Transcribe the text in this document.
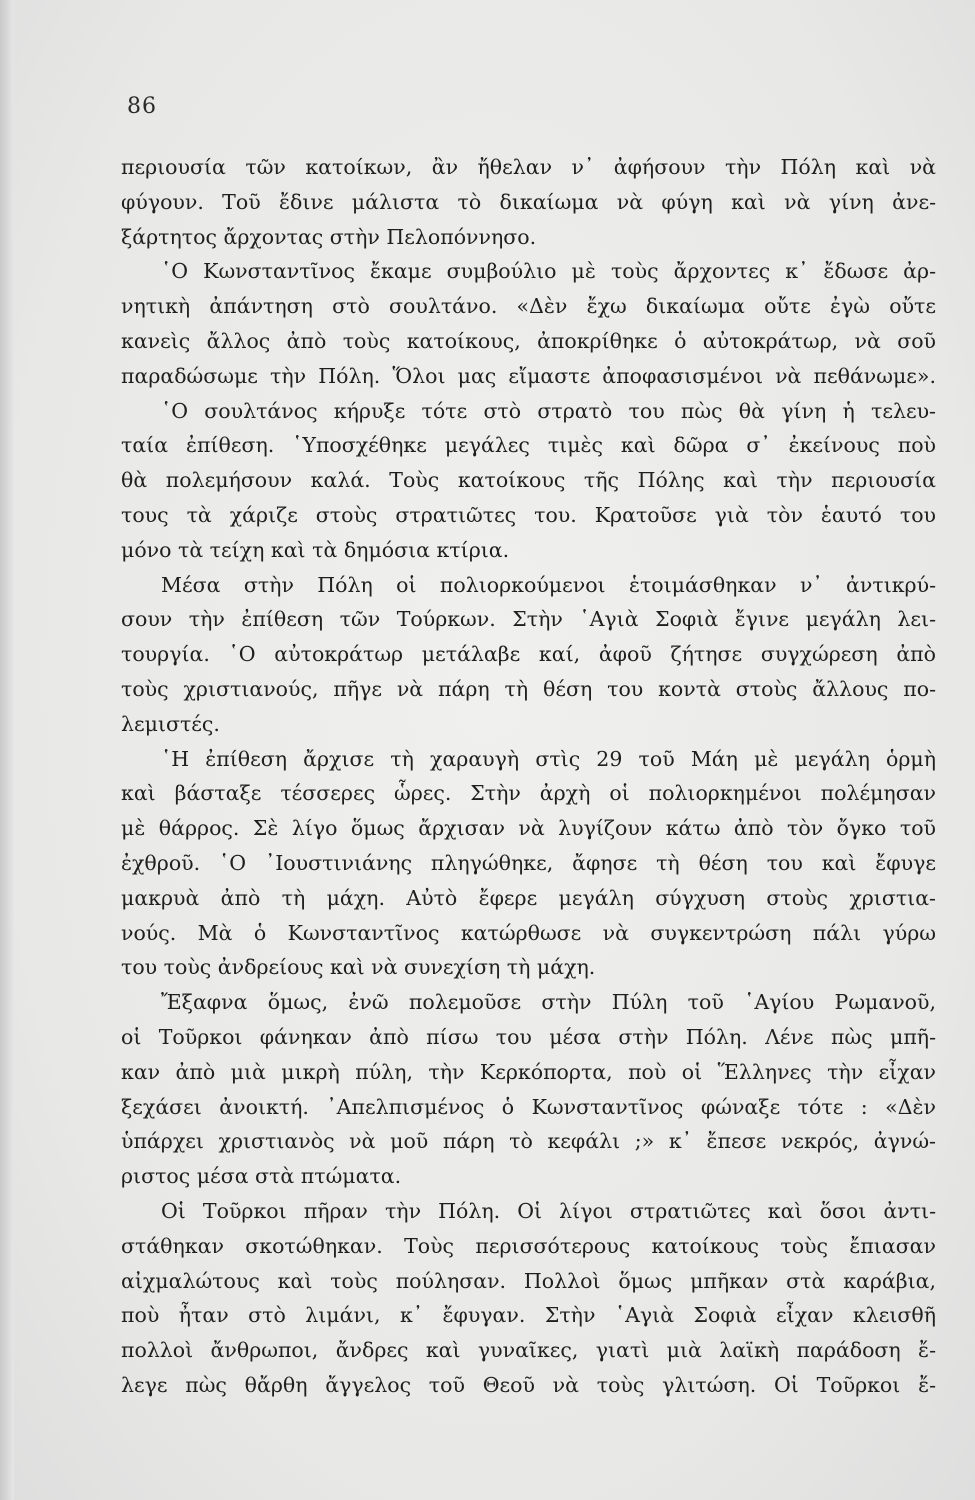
86
περιουσία τῶν κατοίκων, ἂν ἤθελαν ν᾿ ἀφήσουν τὴν Πόλη καὶ νὰ
φύγουν. Τοῦ ἔδινε μάλιστα τὸ δικαίωμα νὰ φύγη καὶ νὰ γίνη ἀνε-
ξάρτητος ἄρχοντας στὴν Πελοπόννησο.
῾Ο Κωνσταντῖνος ἔκαμε συμβούλιο μὲ τοὺς ἄρχοντες κ᾿ ἔδωσε ἀρ-
νητικὴ ἀπάντηση στὸ σουλτάνο. «Δὲν ἔχω δικαίωμα οὔτε ἐγὼ οὔτε
κανεὶς ἄλλος ἀπὸ τοὺς κατοίκους, ἀποκρίθηκε ὁ αὐτοκράτωρ, νὰ σοῦ
παραδώσωμε τὴν Πόλη. Ὅλοι μας εἴμαστε ἀποφασισμένοι νὰ πεθάνωμε».
῾Ο σουλτάνος κήρυξε τότε στὸ στρατὸ του πὼς θὰ γίνη ἡ τελευ-
ταία ἐπίθεση. ῾Υποσχέθηκε μεγάλες τιμὲς καὶ δῶρα σ᾿ ἐκείνους ποὺ
θὰ πολεμήσουν καλά. Τοὺς κατοίκους τῆς Πόλης καὶ τὴν περιουσία
τους τὰ χάριζε στοὺς στρατιῶτες του. Κρατοῦσε γιὰ τὸν ἑαυτό του
μόνο τὰ τείχη καὶ τὰ δημόσια κτίρια.
Μέσα στὴν Πόλη οἱ πολιορκούμενοι ἑτοιμάσθηκαν ν᾿ ἀντικρύ-
σουν τὴν ἐπίθεση τῶν Τούρκων. Στὴν ῾Αγιὰ Σοφιὰ ἔγινε μεγάλη λει-
τουργία. ῾Ο αὐτοκράτωρ μετάλαβε καί, ἀφοῦ ζήτησε συγχώρεση ἀπὸ
τοὺς χριστιανούς, πῆγε νὰ πάρη τὴ θέση του κοντὰ στοὺς ἄλλους πο-
λεμιστές.
῾Η ἐπίθεση ἄρχισε τὴ χαραυγὴ στὶς 29 τοῦ Μάη μὲ μεγάλη ὁρμὴ
καὶ βάσταξε τέσσερες ὧρες. Στὴν ἀρχὴ οἱ πολιορκημένοι πολέμησαν
μὲ θάρρος. Σὲ λίγο ὅμως ἄρχισαν νὰ λυγίζουν κάτω ἀπὸ τὸν ὄγκο τοῦ
ἐχθροῦ. ῾Ο ᾿Ιουστινιάνης πληγώθηκε, ἄφησε τὴ θέση του καὶ ἔφυγε
μακρυὰ ἀπὸ τὴ μάχη. Αὐτὸ ἔφερε μεγάλη σύγχυση στοὺς χριστια-
νούς. Μὰ ὁ Κωνσταντῖνος κατώρθωσε νὰ συγκεντρώση πάλι γύρω
του τοὺς ἀνδρείους καὶ νὰ συνεχίση τὴ μάχη.
Ἔξαφνα ὅμως, ἐνῶ πολεμοῦσε στὴν Πύλη τοῦ ῾Αγίου Ρωμανοῦ,
οἱ Τοῦρκοι φάνηκαν ἀπὸ πίσω του μέσα στὴν Πόλη. Λένε πὼς μπῆ-
καν ἀπὸ μιὰ μικρὴ πύλη, τὴν Κερκόπορτα, ποὺ οἱ Ἕλληνες τὴν εἶχαν
ξεχάσει ἀνοικτή. ᾿Απελπισμένος ὁ Κωνσταντῖνος φώναξε τότε : «Δὲν
ὑπάρχει χριστιανὸς νὰ μοῦ πάρη τὸ κεφάλι ;» κ᾿ ἔπεσε νεκρός, ἀγνώ-
ριστος μέσα στὰ πτώματα.
Οἱ Τοῦρκοι πῆραν τὴν Πόλη. Οἱ λίγοι στρατιῶτες καὶ ὅσοι ἀντι-
στάθηκαν σκοτώθηκαν. Τοὺς περισσότερους κατοίκους τοὺς ἔπιασαν
αἰχμαλώτους καὶ τοὺς πούλησαν. Πολλοὶ ὅμως μπῆκαν στὰ καράβια,
ποὺ ἦταν στὸ λιμάνι, κ᾿ ἔφυγαν. Στὴν ῾Αγιὰ Σοφιὰ εἶχαν κλεισθῆ
πολλοὶ ἄνθρωποι, ἄνδρες καὶ γυναῖκες, γιατὶ μιὰ λαϊκὴ παράδοση ἔ-
λεγε πὼς θἄρθη ἄγγελος τοῦ Θεοῦ νὰ τοὺς γλιτώση. Οἱ Τοῦρκοι ἔ-
